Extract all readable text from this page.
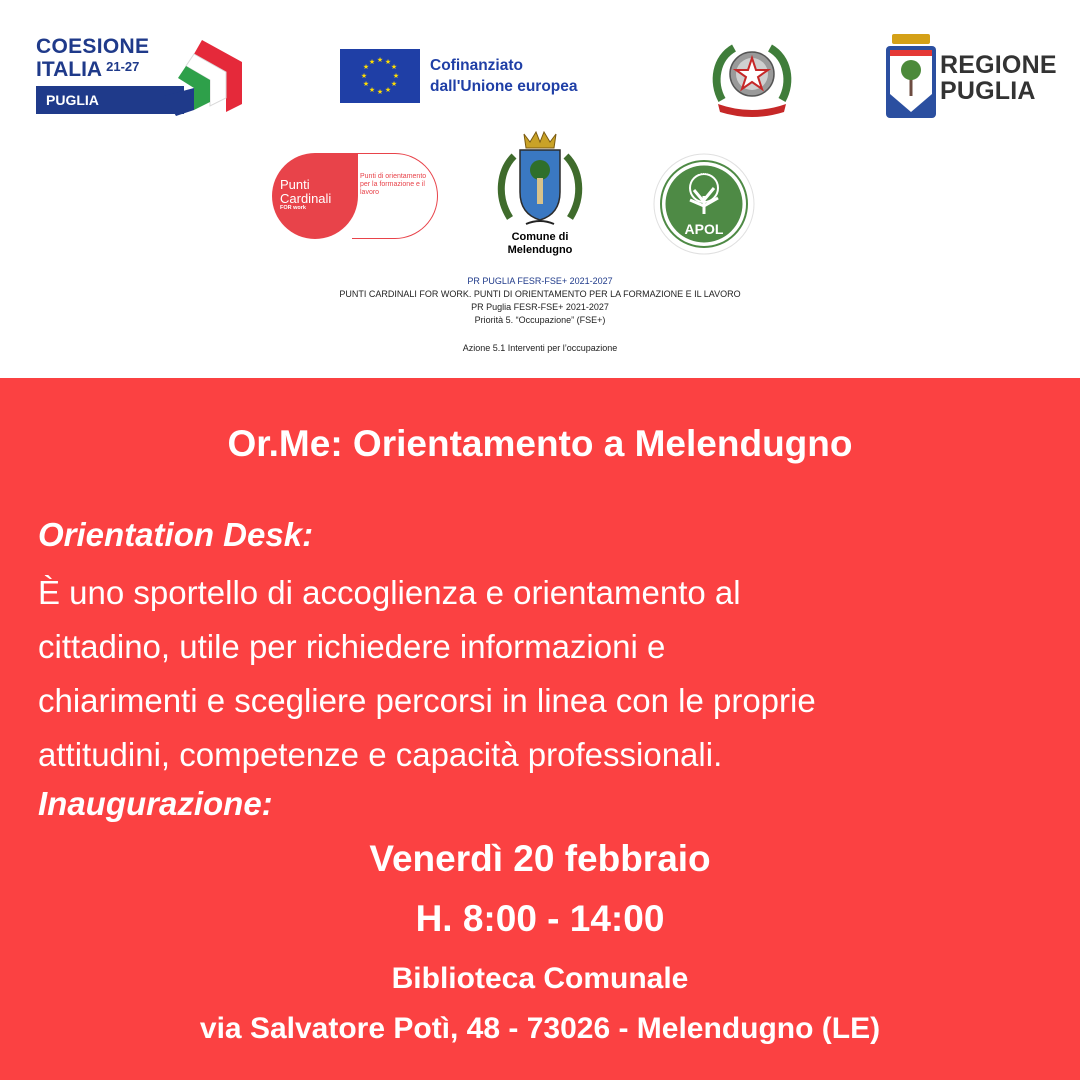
COESIONE
ITALIA $^{21-27}$
PUGLIA
★ ★
★
★
★
★
★
★
★
★
★
★	Cofinanziato
dall'Unione europea
REGIONE
PUGLIA
Punti
Cardinali
FOR work
Punti di orientamento per la formazione e il lavoro
Comune di
Melendugno
APOL
Apol Formazione Srl
PR PUGLIA FESR-FSE+ 2021-2027
PUNTI CARDINALI FOR WORK. PUNTI DI ORIENTAMENTO PER LA FORMAZIONE E IL LAVORO
PR Puglia FESR-FSE+ 2021-2027
Priorità 5. “Occupazione” (FSE+)
Azione 5.1 Interventi per l’occupazione
Or.Me: Orientamento a Melendugno
Orientation Desk:
È uno sportello di accoglienza e orientamento al
cittadino, utile per richiedere informazioni e
chiarimenti e scegliere percorsi in linea con le proprie
attitudini, competenze e capacità professionali.
Inaugurazione:
Venerdì 20 febbraio
H. 8:00 - 14:00
Biblioteca Comunale
via Salvatore Potì, 48 - 73026 - Melendugno (LE)
